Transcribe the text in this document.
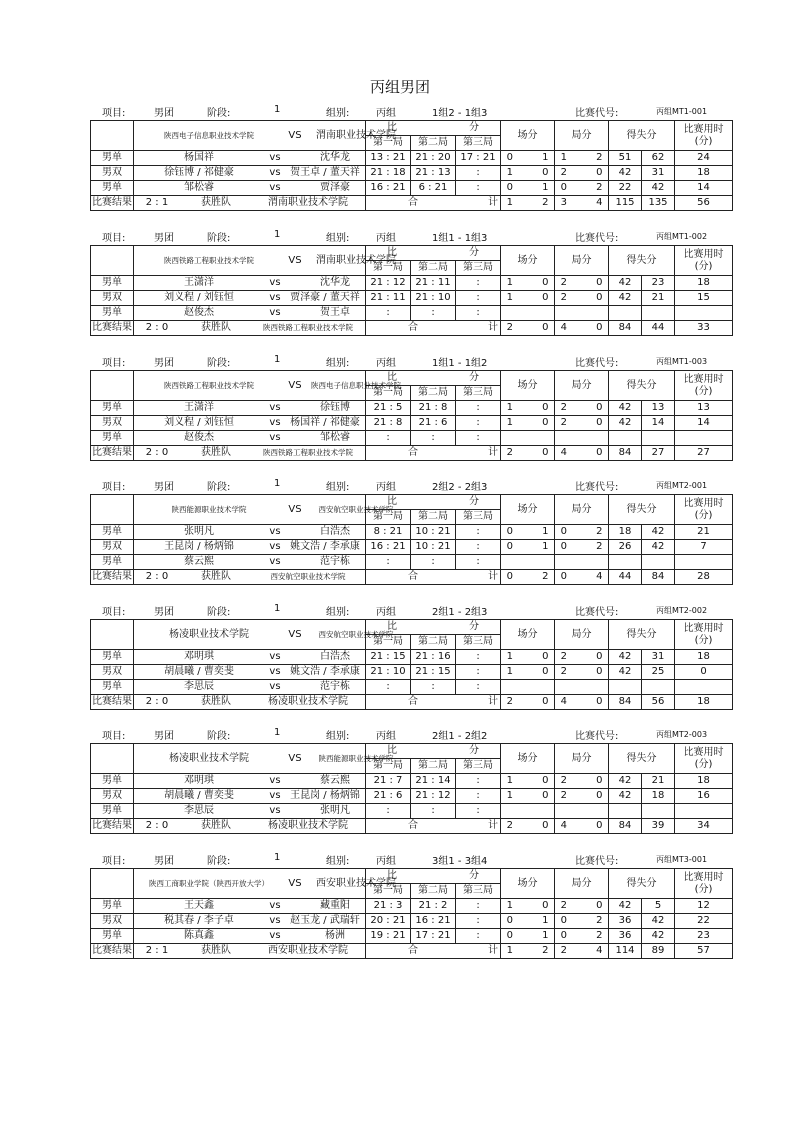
丙组男团
项目:	男团	阶段:	1	组别:	丙组	1组2 - 1组3	比赛代号:	丙组MT1-001
	陕西电子信息职业技术学院 VS 渭南职业技术学院	比 分			场分			局分			得失分		比赛用时
(分)

		第一局	第二局	第三局									
男单	杨国祥 vs 沈华龙	13 : 21	21 : 20	17 : 21	0		1	1		2	51	62	24
男双	徐钰博 / 祁健豪 vs 贺王卓 / 董天祥	21 : 18	21 : 13	:	1		0	2		0	42	31	18
男单	邹松睿 vs 贾泽豪	16 : 21	6 : 21	:	0		1	0		2	22	42	14
比赛结果	2 : 1 获胜队 渭南职业技术学院	合 计			1		2	3		4	115	135	56
项目:	男团	阶段:	1	组别:	丙组	1组1 - 1组3	比赛代号:	丙组MT1-002
	陕西铁路工程职业技术学院 VS 渭南职业技术学院	比 分			场分			局分			得失分		比赛用时
(分)

		第一局	第二局	第三局									
男单	王潇洋 vs 沈华龙	21 : 12	21 : 11	:	1		0	2		0	42	23	18
男双	刘义程 / 刘钰恒 vs 贾泽豪 / 董天祥	21 : 11	21 : 10	:	1		0	2		0	42	21	15
男单	赵俊杰 vs 贺王卓	:	:	:									
比赛结果	2 : 0 获胜队 陕西铁路工程职业技术学院	合 计			2		0	4		0	84	44	33
项目:	男团	阶段:	1	组别:	丙组	1组1 - 1组2	比赛代号:	丙组MT1-003
	陕西铁路工程职业技术学院 VS 陕西电子信息职业技术学院	比 分			场分			局分			得失分		比赛用时
(分)

		第一局	第二局	第三局									
男单	王潇洋 vs 徐钰博	21 : 5	21 : 8	:	1		0	2		0	42	13	13
男双	刘义程 / 刘钰恒 vs 杨国祥 / 祁健豪	21 : 8	21 : 6	:	1		0	2		0	42	14	14
男单	赵俊杰 vs 邹松睿	:	:	:									
比赛结果	2 : 0 获胜队 陕西铁路工程职业技术学院	合 计			2		0	4		0	84	27	27
项目:	男团	阶段:	1	组别:	丙组	2组2 - 2组3	比赛代号:	丙组MT2-001
	陕西能源职业技术学院 VS 西安航空职业技术学院	比 分			场分			局分			得失分		比赛用时
(分)

		第一局	第二局	第三局									
男单	张明凡 vs 白浩杰	8 : 21	10 : 21	:	0		1	0		2	18	42	21
男双	王昆岗 / 杨炳锦 vs 姚文浩 / 李承康	16 : 21	10 : 21	:	0		1	0		2	26	42	7
男单	蔡云熙 vs 范宇栋	:	:	:									
比赛结果	2 : 0 获胜队 西安航空职业技术学院	合 计			0		2	0		4	44	84	28
项目:	男团	阶段:	1	组别:	丙组	2组1 - 2组3	比赛代号:	丙组MT2-002
	杨凌职业技术学院 VS 西安航空职业技术学院	比 分			场分			局分			得失分		比赛用时
(分)

		第一局	第二局	第三局									
男单	邓明琪 vs 白浩杰	21 : 15	21 : 16	:	1		0	2		0	42	31	18
男双	胡晨曦 / 曹奕斐 vs 姚文浩 / 李承康	21 : 10	21 : 15	:	1		0	2		0	42	25	0
男单	李思辰 vs 范宇栋	:	:	:									
比赛结果	2 : 0 获胜队 杨凌职业技术学院	合 计			2		0	4		0	84	56	18
项目:	男团	阶段:	1	组别:	丙组	2组1 - 2组2	比赛代号:	丙组MT2-003
	杨凌职业技术学院 VS 陕西能源职业技术学院	比 分			场分			局分			得失分		比赛用时
(分)

		第一局	第二局	第三局									
男单	邓明琪 vs 蔡云熙	21 : 7	21 : 14	:	1		0	2		0	42	21	18
男双	胡晨曦 / 曹奕斐 vs 王昆岗 / 杨炳锦	21 : 6	21 : 12	:	1		0	2		0	42	18	16
男单	李思辰 vs 张明凡	:	:	:									
比赛结果	2 : 0 获胜队 杨凌职业技术学院	合 计			2		0	4		0	84	39	34
项目:	男团	阶段:	1	组别:	丙组	3组1 - 3组4	比赛代号:	丙组MT3-001
	陕西工商职业学院（陕西开放大学） VS 西安职业技术学院	比 分			场分			局分			得失分		比赛用时
(分)

		第一局	第二局	第三局									
男单	王天鑫 vs 藏重阳	21 : 3	21 : 2	:	1		0	2		0	42	5	12
男双	税其春 / 李子卓 vs 赵玉龙 / 武瑞轩	20 : 21	16 : 21	:	0		1	0		2	36	42	22
男单	陈真鑫 vs 杨洲	19 : 21	17 : 21	:	0		1	0		2	36	42	23
比赛结果	2 : 1 获胜队 西安职业技术学院	合 计			1		2	2		4	114	89	57
